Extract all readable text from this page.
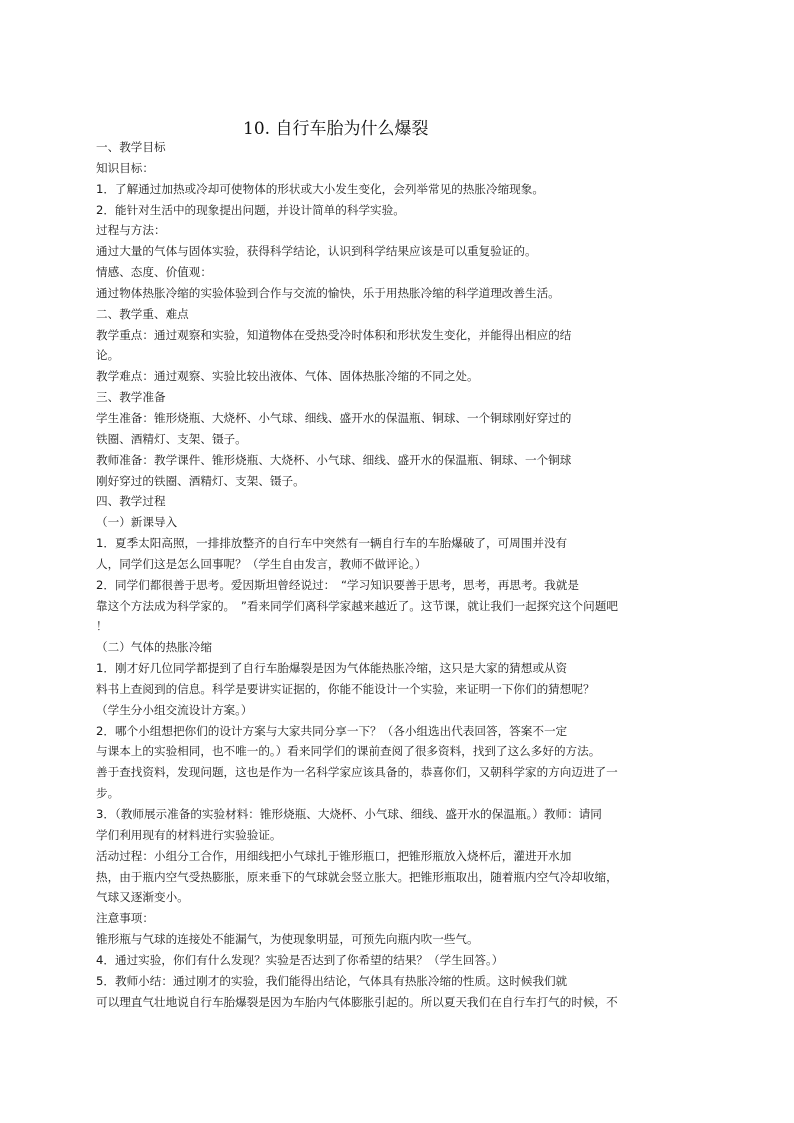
10. 自行车胎为什么爆裂
一、教学目标
知识目标：
1．了解通过加热或冷却可使物体的形状或大小发生变化，会列举常见的热胀冷缩现象。
2．能针对生活中的现象提出问题，并设计简单的科学实验。
过程与方法：
通过大量的气体与固体实验，获得科学结论，认识到科学结果应该是可以重复验证的。
情感、态度、价值观：
通过物体热胀冷缩的实验体验到合作与交流的愉快，乐于用热胀冷缩的科学道理改善生活。
二、教学重、难点
教学重点：通过观察和实验，知道物体在受热受冷时体积和形状发生变化，并能得出相应的结
论。
教学难点：通过观察、实验比较出液体、气体、固体热胀冷缩的不同之处。
三、教学准备
学生准备：锥形烧瓶、大烧杯、小气球、细线、盛开水的保温瓶、铜球、一个铜球刚好穿过的
铁圈、酒精灯、支架、镊子。
教师准备：教学课件、锥形烧瓶、大烧杯、小气球、细线、盛开水的保温瓶、铜球、一个铜球
刚好穿过的铁圈、酒精灯、支架、镊子。
四、教学过程
（一）新课导入
1．夏季太阳高照，一排排放整齐的自行车中突然有一辆自行车的车胎爆破了，可周围并没有
人，同学们这是怎么回事呢？（学生自由发言，教师不做评论。）
2．同学们都很善于思考。爱因斯坦曾经说过：　“学习知识要善于思考，思考，再思考。我就是
靠这个方法成为科学家的。　”看来同学们离科学家越来越近了。这节课，就让我们一起探究这个问题吧
！
（二）气体的热胀冷缩
1．刚才好几位同学都提到了自行车胎爆裂是因为气体能热胀冷缩，这只是大家的猜想或从资
料书上查阅到的信息。科学是要讲实证据的，你能不能设计一个实验，来证明一下你们的猜想呢？
（学生分小组交流设计方案。）
2．哪个小组想把你们的设计方案与大家共同分享一下？（各小组选出代表回答，答案不一定
与课本上的实验相同，也不唯一的。）看来同学们的课前查阅了很多资料，找到了这么多好的方法。
善于查找资料，发现问题，这也是作为一名科学家应该具备的，恭喜你们，又朝科学家的方向迈进了一
步。
3．（教师展示准备的实验材料：锥形烧瓶、大烧杯、小气球、细线、盛开水的保温瓶。）教师：请同
学们利用现有的材料进行实验验证。
活动过程：小组分工合作，用细线把小气球扎于锥形瓶口，把锥形瓶放入烧杯后，灌进开水加
热，由于瓶内空气受热膨胀，原来垂下的气球就会竖立胀大。把锥形瓶取出，随着瓶内空气冷却收缩，
气球又逐渐变小。
注意事项：
锥形瓶与气球的连接处不能漏气，为使现象明显，可预先向瓶内吹一些气。
4．通过实验，你们有什么发现？实验是否达到了你希望的结果？（学生回答。）
5．教师小结：通过刚才的实验，我们能得出结论，气体具有热胀冷缩的性质。这时候我们就
可以理直气壮地说自行车胎爆裂是因为车胎内气体膨胀引起的。所以夏天我们在自行车打气的时候，不
